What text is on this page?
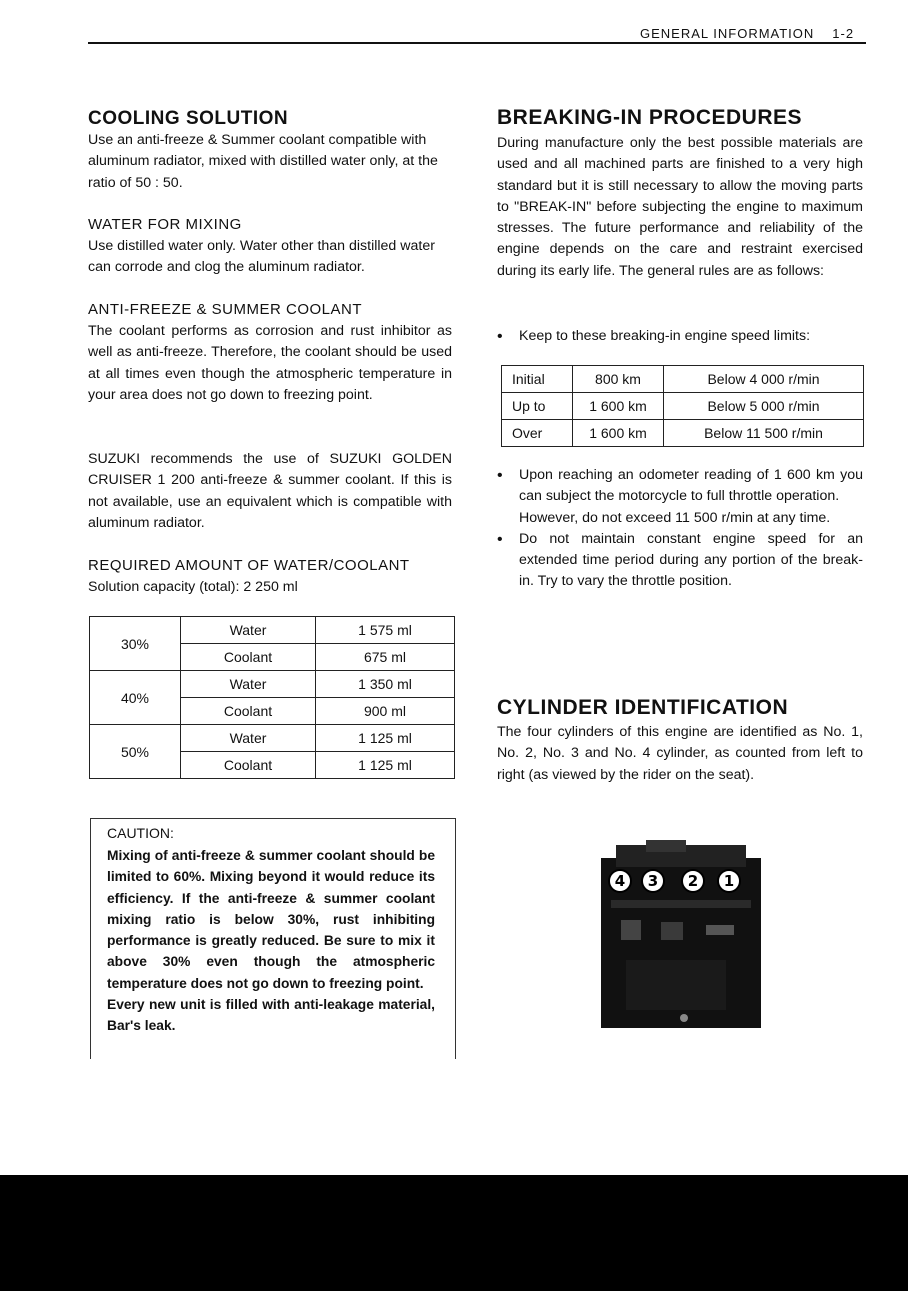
GENERAL INFORMATION 1-2
COOLING SOLUTION

Use an anti-freeze & Summer coolant compatible with aluminum radiator, mixed with distilled water only, at the ratio of 50 : 50.

WATER FOR MIXING

Use distilled water only. Water other than distilled water can corrode and clog the aluminum radiator.

ANTI-FREEZE & SUMMER COOLANT

The coolant performs as corrosion and rust inhibitor as well as anti-freeze. Therefore, the coolant should be used at all times even though the atmospheric temperature in your area does not go down to freezing point.

SUZUKI recommends the use of SUZUKI GOLDEN CRUISER 1 200 anti-freeze & summer coolant. If this is not available, use an equivalent which is compatible with aluminum radiator.

REQUIRED AMOUNT OF WATER/COOLANT

Solution capacity (total): 2 250 ml

30%	Water	1 575 ml
	Coolant	675 ml
40%	Water	1 350 ml
	Coolant	900 ml
50%	Water	1 125 ml
	Coolant	1 125 ml
CAUTION:
Mixing of anti-freeze & summer coolant should be limited to 60%. Mixing beyond it would reduce its efficiency. If the anti-freeze & summer coolant mixing ratio is below 30%, rust inhibiting performance is greatly reduced. Be sure to mix it above 30% even though the atmospheric temperature does not go down to freezing point.
Every new unit is filled with anti-leakage material, Bar's leak.
BREAKING-IN PROCEDURES

During manufacture only the best possible materials are used and all machined parts are finished to a very high standard but it is still necessary to allow the moving parts to "BREAK-IN" before subjecting the engine to maximum stresses. The future performance and reliability of the engine depends on the care and restraint exercised during its early life. The general rules are as follows:

• Keep to these breaking-in engine speed limits:

Initial	800 km	Below 4 000 r/min
Up to	1 600 km	Below 5 000 r/min
Over	1 600 km	Below 11 500 r/min

• Upon reaching an odometer reading of 1 600 km you can subject the motorcycle to full throttle operation.

However, do not exceed 11 500 r/min at any time.

• Do not maintain constant engine speed for an extended time period during any portion of the break-in. Try to vary the throttle position.

CYLINDER IDENTIFICATION

The four cylinders of this engine are identified as No. 1, No. 2, No. 3 and No. 4 cylinder, as counted from left to right (as viewed by the rider on the seat).

4 3 2 1
